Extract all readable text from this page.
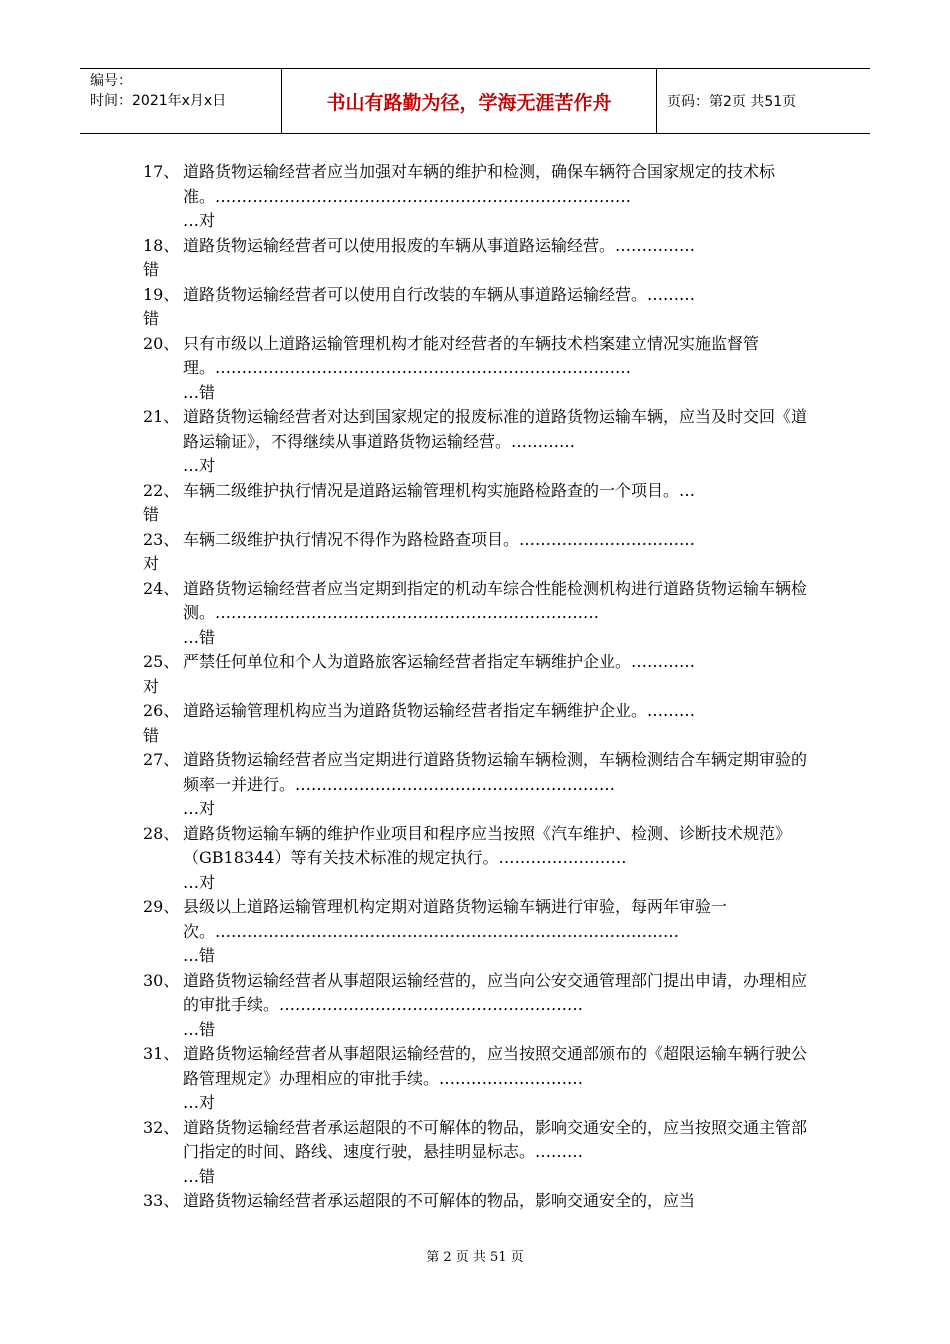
编号：
时间：2021年x月x日	书山有路勤为径，学海无涯苦作舟	页码：第2页 共51页
17、 道路货物运输经营者应当加强对车辆的维护和检测，确保车辆符合国家规定的技术标准。……………………………………………………………………
…对
18、 道路货物运输经营者可以使用报废的车辆从事道路运输经营。……………
错
19、 道路货物运输经营者可以使用自行改装的车辆从事道路运输经营。………
错
20、 只有市级以上道路运输管理机构才能对经营者的车辆技术档案建立情况实施监督管理。……………………………………………………………………
…错
21、 道路货物运输经营者对达到国家规定的报废标准的道路货物运输车辆，应当及时交回《道路运输证》，不得继续从事道路货物运输经营。…………
…对
22、 车辆二级维护执行情况是道路运输管理机构实施路检路查的一个项目。…
错
23、 车辆二级维护执行情况不得作为路检路查项目。……………………………
对
24、 道路货物运输经营者应当定期到指定的机动车综合性能检测机构进行道路货物运输车辆检测。………………………………………………………………
…错
25、 严禁任何单位和个人为道路旅客运输经营者指定车辆维护企业。…………
对
26、 道路运输管理机构应当为道路货物运输经营者指定车辆维护企业。………
错
27、 道路货物运输经营者应当定期进行道路货物运输车辆检测，车辆检测结合车辆定期审验的频率一并进行。……………………………………………………
…对
28、 道路货物运输车辆的维护作业项目和程序应当按照《汽车维护、检测、诊断技术规范》（GB18344）等有关技术标准的规定执行。……………………
…对
29、 县级以上道路运输管理机构定期对道路货物运输车辆进行审验，每两年审验一次。……………………………………………………………………………
…错
30、 道路货物运输经营者从事超限运输经营的，应当向公安交通管理部门提出申请，办理相应的审批手续。…………………………………………………
…错
31、 道路货物运输经营者从事超限运输经营的，应当按照交通部颁布的《超限运输车辆行驶公路管理规定》办理相应的审批手续。………………………
…对
32、 道路货物运输经营者承运超限的不可解体的物品，影响交通安全的，应当按照交通主管部门指定的时间、路线、速度行驶，悬挂明显标志。………
…错
33、 道路货物运输经营者承运超限的不可解体的物品，影响交通安全的，应当
第 2 页 共 51 页
